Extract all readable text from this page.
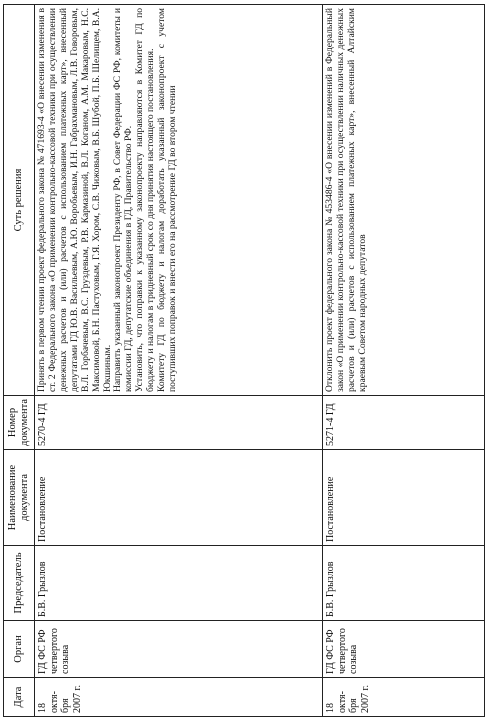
Дата	Орган	Председатель	Наименование документа	Номер документа	Суть решения
18 октя-бря 2007 г.	ГД ФС РФ четвертого созыва	Б.В. Грызлов	Постановление	5270-4 ГД	Принять в первом чтении проект федерального закона № 471693-4 «О внесении изменения в ст. 2 Федерального закона «О применении контрольно-кассовой техники при осуществлении денежных расчетов и (или) расчетов с использованием платежных карт», внесенный депутатами ГД Ю.В. Васильевым, А.Ю. Воробьевым, И.Н. Габрахмановым, Л.В. Говоровым, В.Л. Горбачевым, В.С. Груздевым, Р.В. Кармазиной, В.Л. Коганом, А.М. Макаровым, Н.С. Максимовой, Б.Н. Пастуховым, Г.Я. Хором, С.В. Чижовым, В.Б. Шубой, П.Б. Шелищем, В.А. Юкшиным. Направить указанный законопроект Президенту РФ, в Совет Федерации ФС РФ, комитеты и комиссии ГД, депутатские объединения в ГД, Правительство РФ. Установить, что поправки к указанному законопроекту направляются в Комитет ГД по бюджету и налогам в тридневный срок со дня принятия настоящего постановления. Комитету ГД по бюджету и налогам доработать указанный законопроект с учетом поступивших поправок и внести его на рассмотрение ГД во втором чтении

18 октя-бря 2007 г.	ГД ФС РФ четвертого созыва	Б.В. Грызлов	Постановление	5271-4 ГД	Отклонить проект федерального закона № 453486-4 «О внесении изменений в Федеральный закон «О применении контрольно-кассовой техники при осуществлении наличных денежных расчетов и (или) расчетов с использованием платежных карт», внесенный Алтайским краевым Советом народных депутатов
